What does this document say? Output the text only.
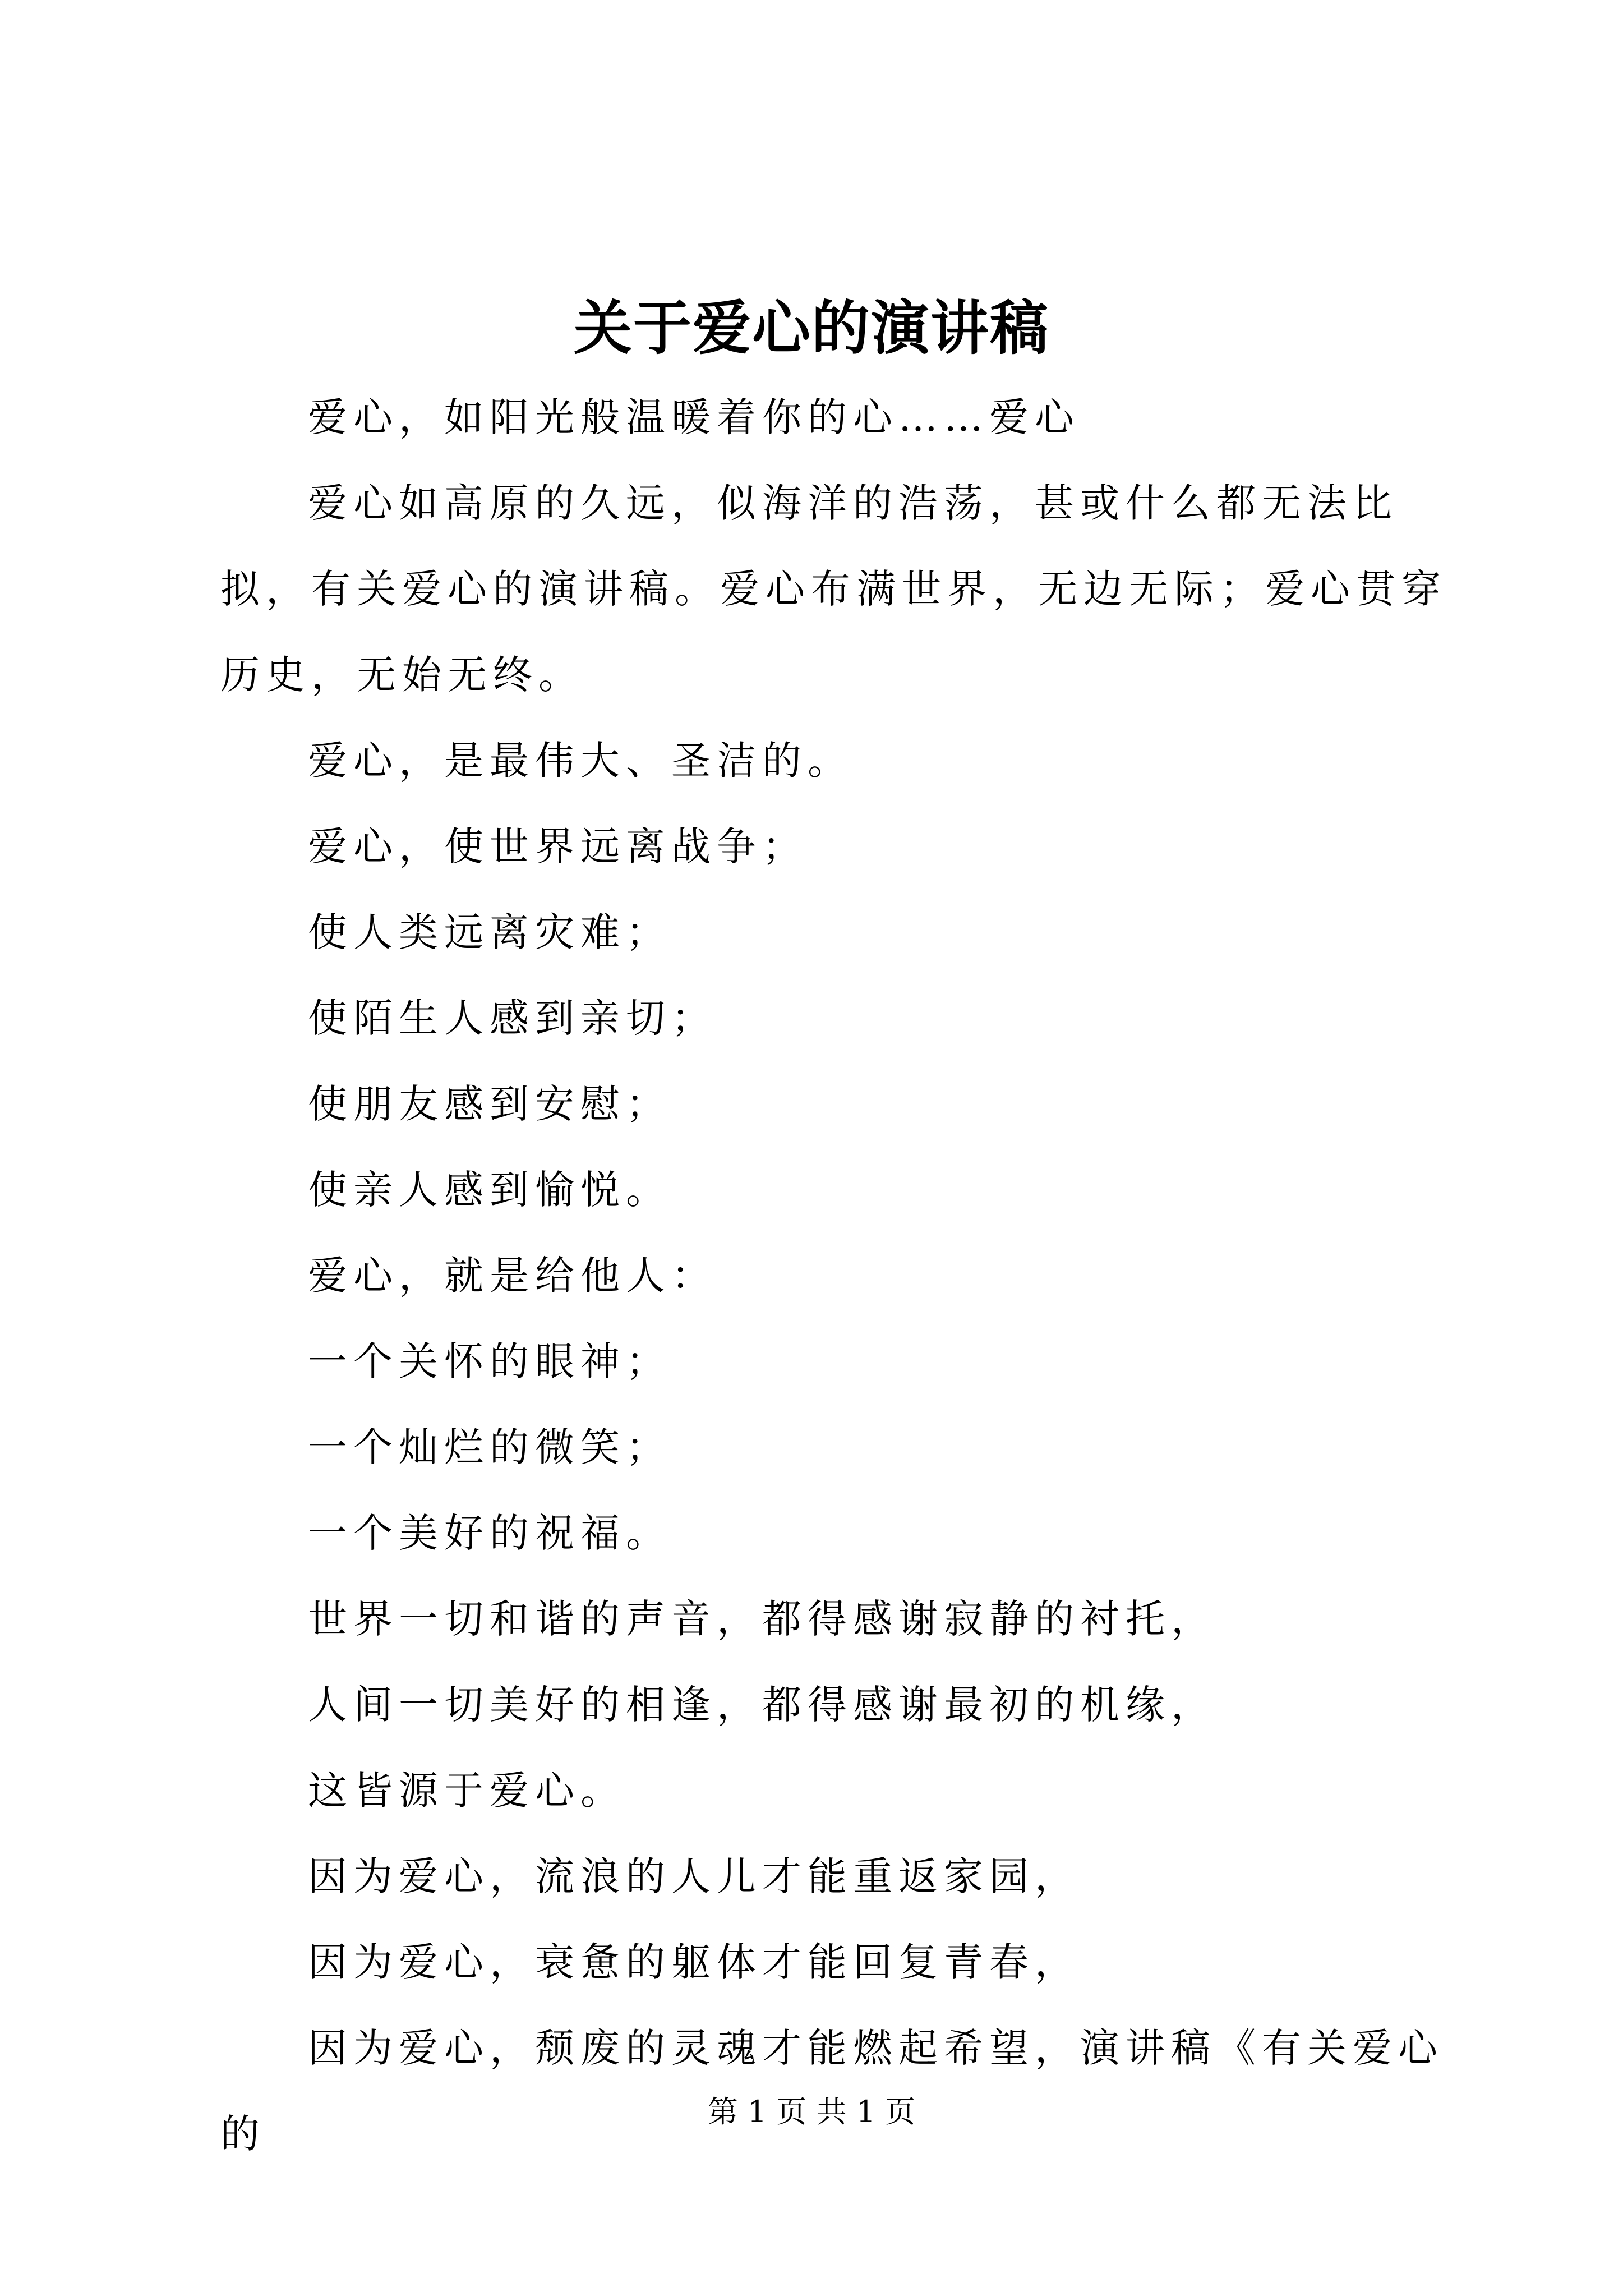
关于爱心的演讲稿

爱心，如阳光般温暖着你的心……爱心

爱心如高原的久远，似海洋的浩荡，甚或什么都无法比拟，有关爱心的演讲稿。爱心布满世界，无边无际；爱心贯穿历史，无始无终。

爱心，是最伟大、圣洁的。

爱心，使世界远离战争；

使人类远离灾难；

使陌生人感到亲切；

使朋友感到安慰；

使亲人感到愉悦。

爱心，就是给他人：

一个关怀的眼神；

一个灿烂的微笑；

一个美好的祝福。

世界一切和谐的声音，都得感谢寂静的衬托，

人间一切美好的相逢，都得感谢最初的机缘，

这皆源于爱心。

因为爱心，流浪的人儿才能重返家园，

因为爱心，衰惫的躯体才能回复青春，

因为爱心，颓废的灵魂才能燃起希望，演讲稿《有关爱心的	第 1 页 共 1 页
